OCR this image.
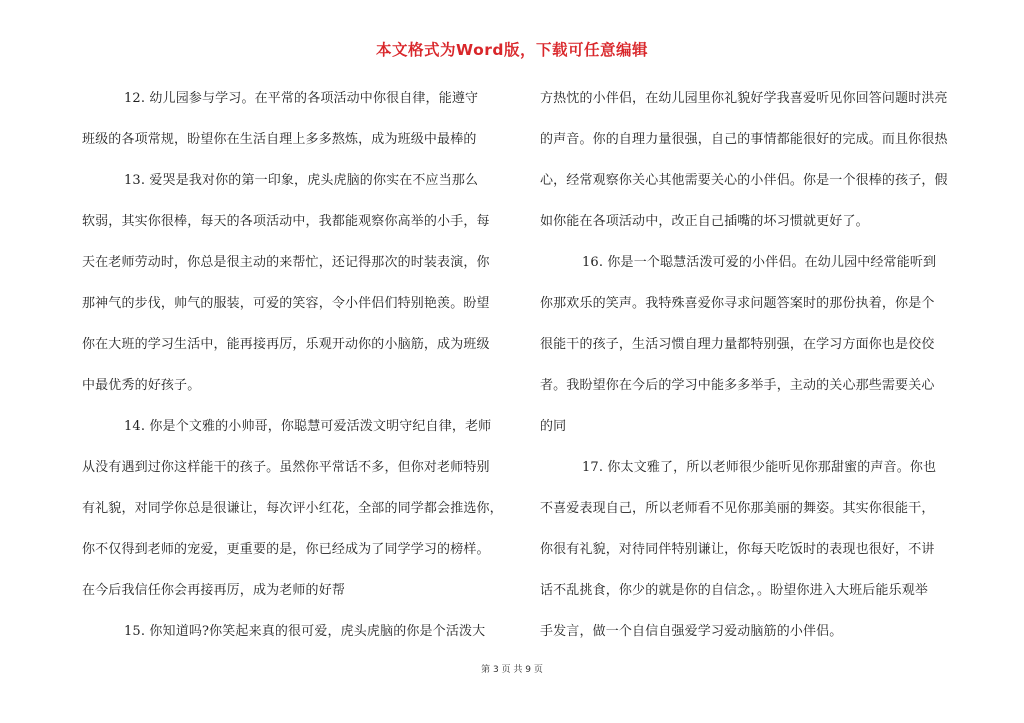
本文格式为Word版，下载可任意编辑
12. 幼儿园参与学习。在平常的各项活动中你很自律，能遵守
班级的各项常规，盼望你在生活自理上多多熬炼，成为班级中最棒的
13. 爱哭是我对你的第一印象，虎头虎脑的你实在不应当那么
软弱，其实你很棒，每天的各项活动中，我都能观察你高举的小手，每
天在老师劳动时，你总是很主动的来帮忙，还记得那次的时装表演，你
那神气的步伐，帅气的服装，可爱的笑容，令小伴侣们特别艳羡。盼望
你在大班的学习生活中，能再接再厉，乐观开动你的小脑筋，成为班级
中最优秀的好孩子。
14. 你是个文雅的小帅哥，你聪慧可爱活泼文明守纪自律，老师
从没有遇到过你这样能干的孩子。虽然你平常话不多，但你对老师特别
有礼貌，对同学你总是很谦让，每次评小红花，全部的同学都会推选你，
你不仅得到老师的宠爱，更重要的是，你已经成为了同学学习的榜样。
在今后我信任你会再接再厉，成为老师的好帮
15. 你知道吗?你笑起来真的很可爱，虎头虎脑的你是个活泼大
方热忱的小伴侣，在幼儿园里你礼貌好学我喜爱听见你回答问题时洪亮
的声音。你的自理力量很强，自己的事情都能很好的完成。而且你很热
心，经常观察你关心其他需要关心的小伴侣。你是一个很棒的孩子，假
如你能在各项活动中，改正自己插嘴的坏习惯就更好了。
16. 你是一个聪慧活泼可爱的小伴侣。在幼儿园中经常能听到
你那欢乐的笑声。我特殊喜爱你寻求问题答案时的那份执着，你是个
很能干的孩子，生活习惯自理力量都特别强，在学习方面你也是佼佼
者。我盼望你在今后的学习中能多多举手，主动的关心那些需要关心
的同
17. 你太文雅了，所以老师很少能听见你那甜蜜的声音。你也
不喜爱表现自己，所以老师看不见你那美丽的舞姿。其实你很能干，
你很有礼貌，对待同伴特别谦让，你每天吃饭时的表现也很好，不讲
话不乱挑食，你少的就是你的自信念，。盼望你进入大班后能乐观举
手发言，做一个自信自强爱学习爱动脑筋的小伴侣。
第 3 页 共 9 页
